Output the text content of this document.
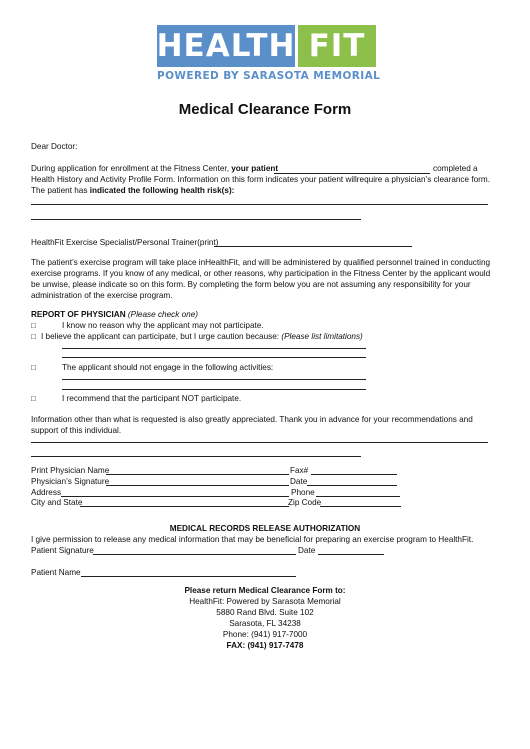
HEALTH FIT
POWERED BY SARASOTA MEMORIAL
Medical Clearance Form
Dear Doctor:
During application for enrollment at the Fitness Center, your patient	completed a
Health History and Activity Profile Form. Information on this form indicates your patient willrequire a physician’s clearance form.
The patient has indicated the following health risk(s):
HealthFit Exercise Specialist/Personal Trainer(print)
The patient’s exercise program will take place inHealthFit, and will be administered by qualified personnel trained in conducting exercise programs. If you know of any medical, or other reasons, why participation in the Fitness Center by the applicant would be unwise, please indicate so on this form. By completing the form below you are not assuming any responsibility for your administration of the exercise program.
REPORT OF PHYSICIAN (Please check one)
□	I know no reason why the applicant may not participate.
□ I believe the applicant can participate, but I urge caution because: (Please list limitations)
□	The applicant should not engage in the following activities:
□	I recommend that the participant NOT participate.
Information other than what is requested is also greatly appreciated. Thank you in advance for your recommendations and support of this individual.
Print Physician Name	Fax#
Physician’s Signature	Date
Address	Phone
City and State	Zip Code
MEDICAL RECORDS RELEASE AUTHORIZATION
I give permission to release any medical information that may be beneficial for preparing an exercise program to HealthFit.
Patient Signature	Date
Patient Name
Please return Medical Clearance Form to:
HealthFit: Powered by Sarasota Memorial
5880 Rand Blvd. Suite 102
Sarasota, FL 34238
Phone: (941) 917-7000
FAX: (941) 917-7478
